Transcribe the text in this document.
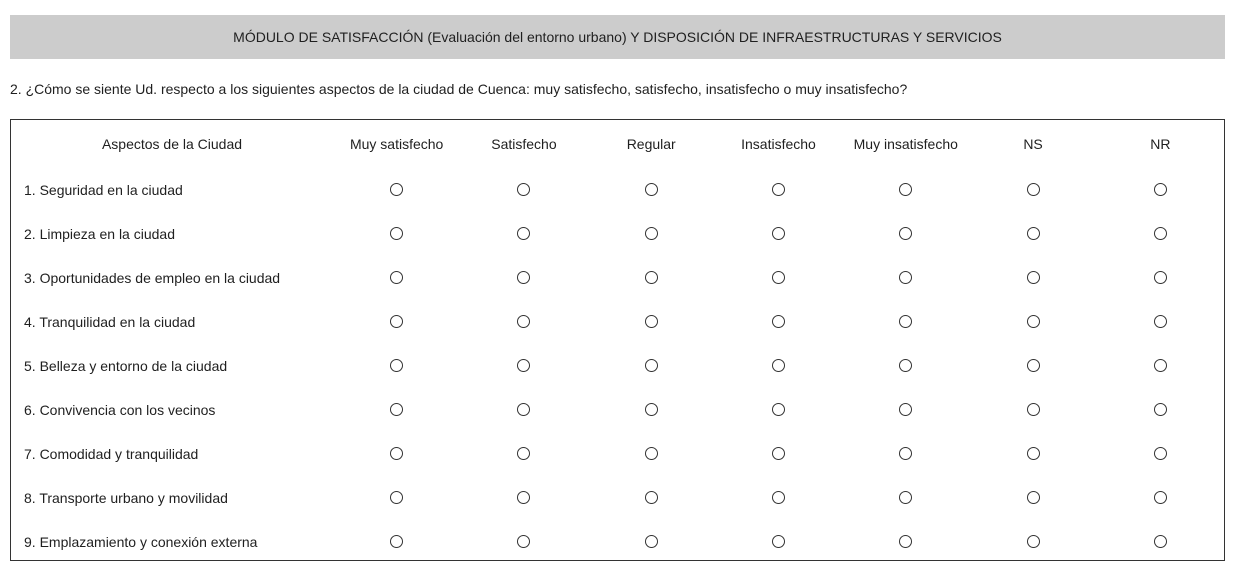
MÓDULO DE SATISFACCIÓN (Evaluación del entorno urbano) Y DISPOSICIÓN DE INFRAESTRUCTURAS Y SERVICIOS
2. ¿Cómo se siente Ud. respecto a los siguientes aspectos de la ciudad de Cuenca: muy satisfecho, satisfecho, insatisfecho o muy insatisfecho?
Aspectos de la Ciudad	Muy satisfecho	Satisfecho	Regular	Insatisfecho	Muy insatisfecho	NS	NR
1. Seguridad en la ciudad							
2. Limpieza en la ciudad							
3. Oportunidades de empleo en la ciudad							
4. Tranquilidad en la ciudad							
5. Belleza y entorno de la ciudad							
6. Convivencia con los vecinos							
7. Comodidad y tranquilidad							
8. Transporte urbano y movilidad							
9. Emplazamiento y conexión externa							
